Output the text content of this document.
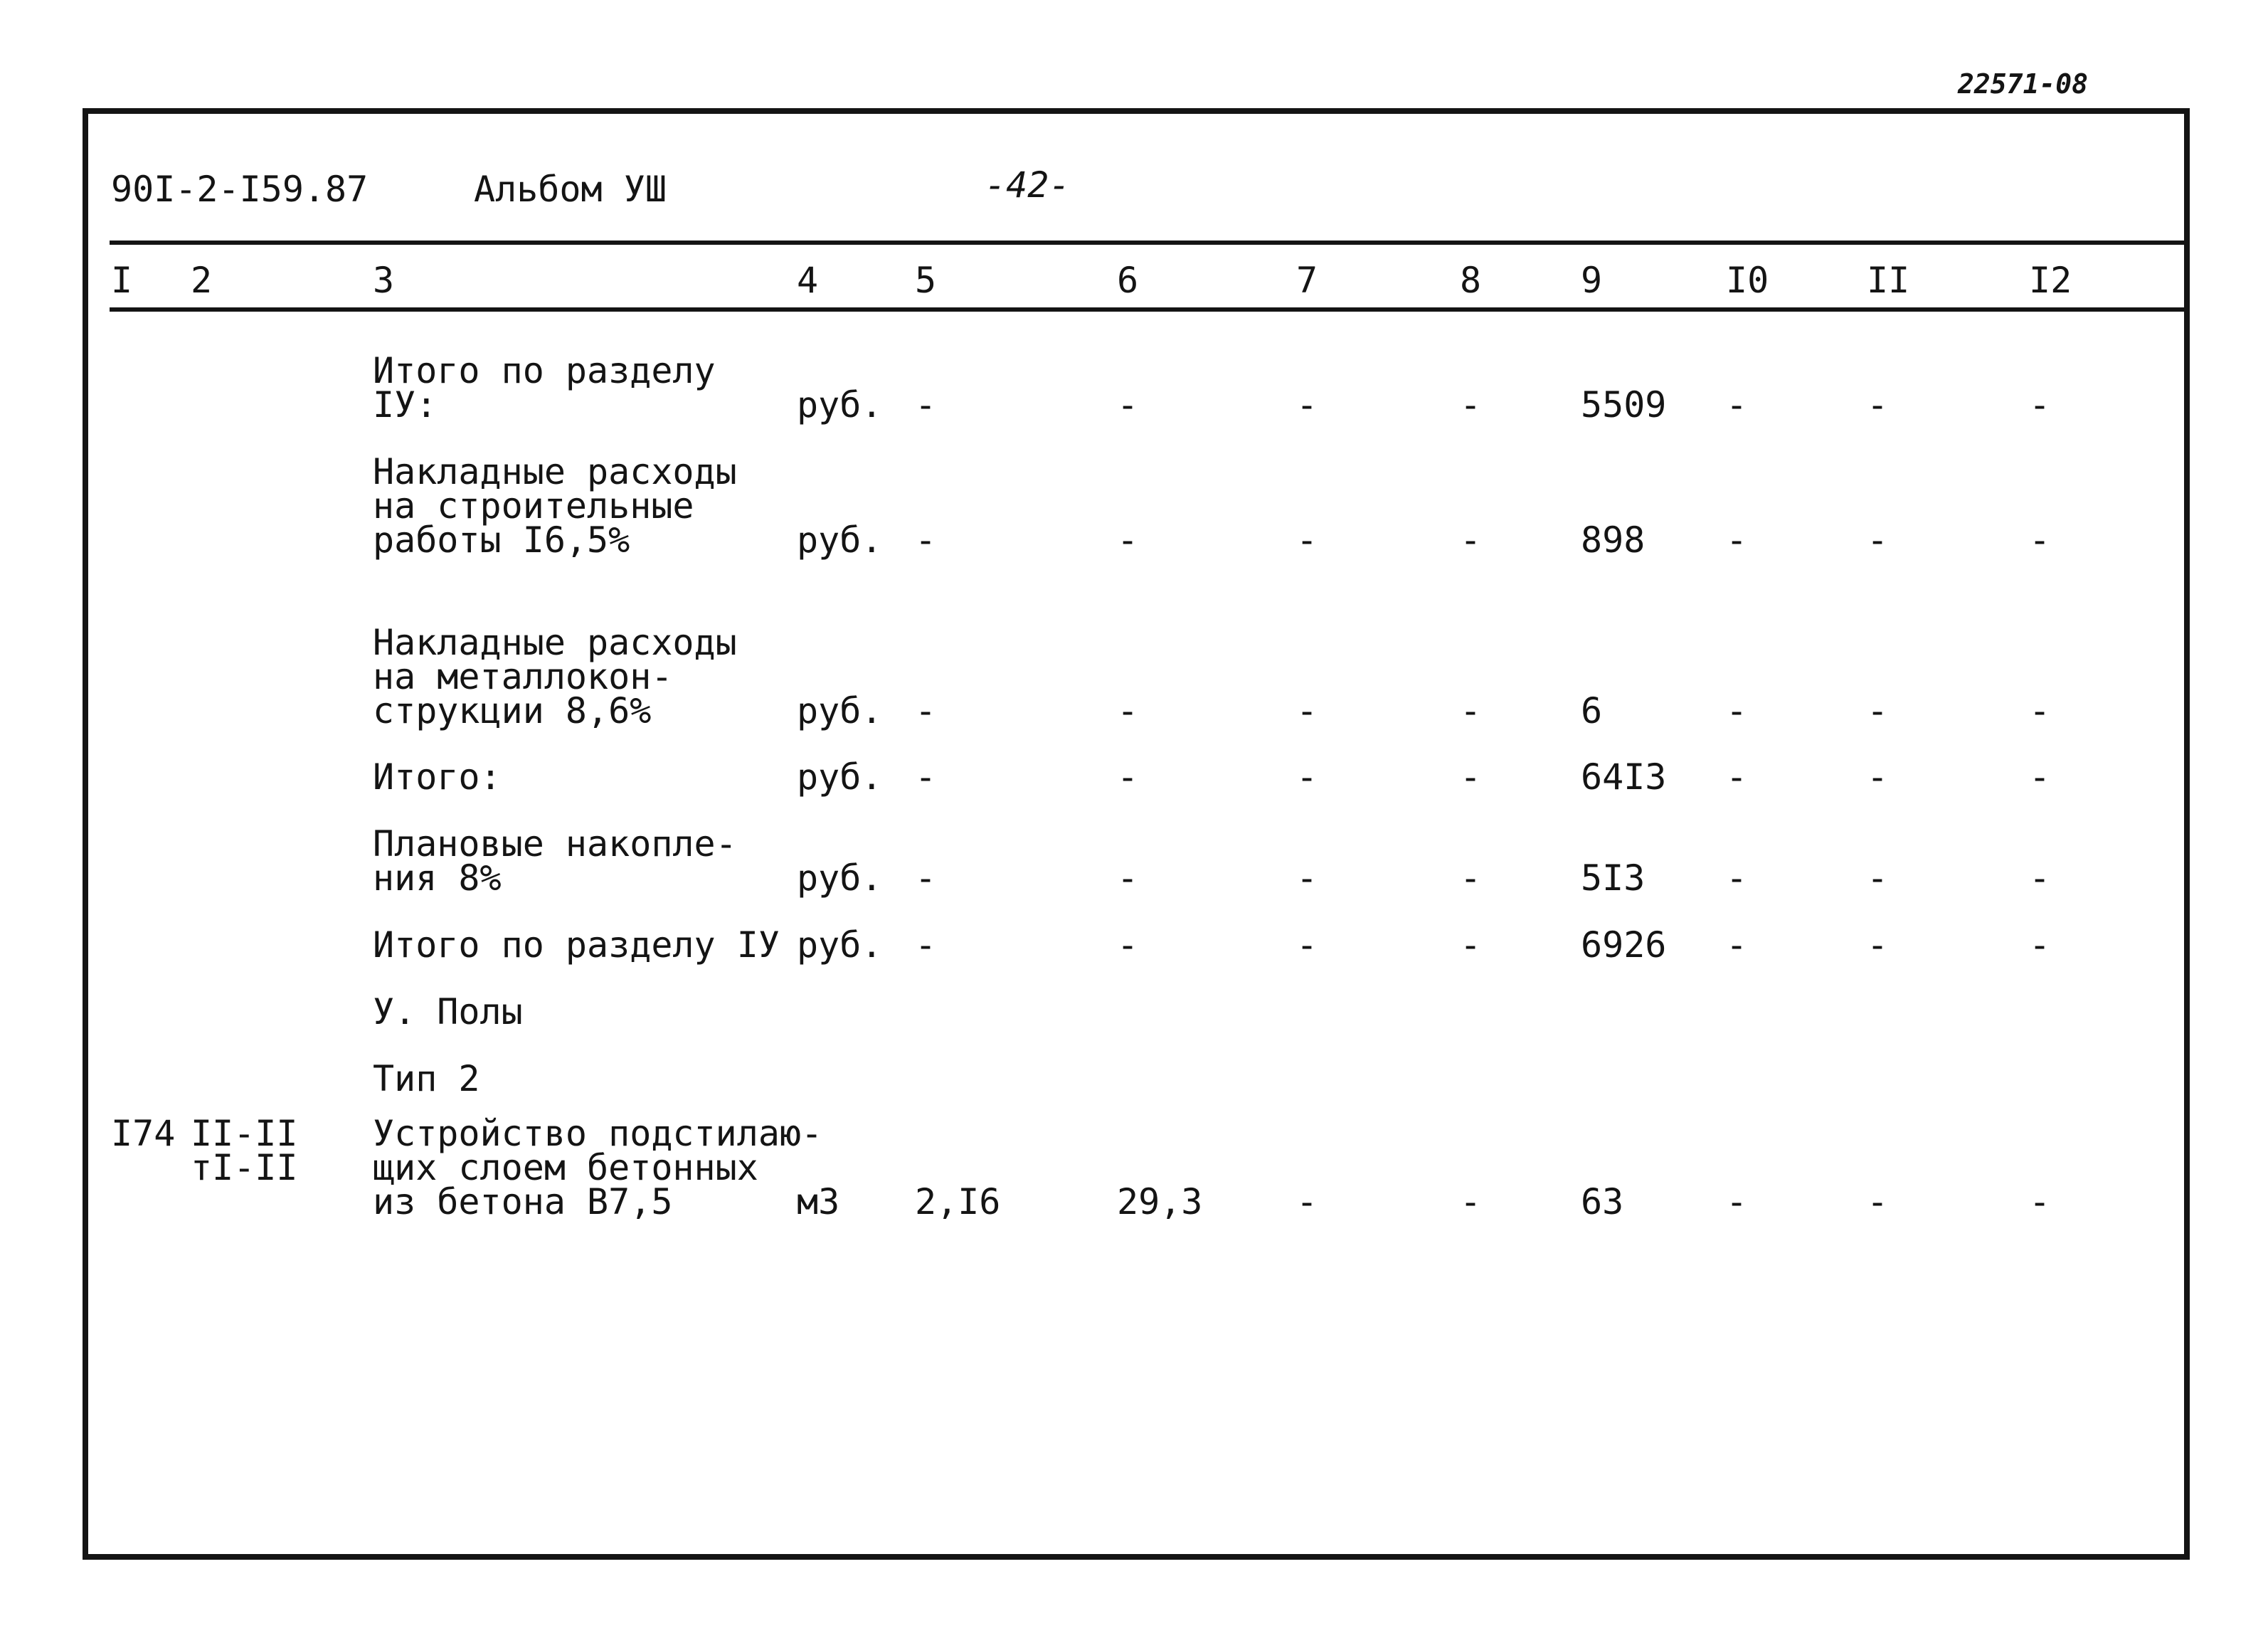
22571-08
90I-2-I59.87	Альбом УШ	-42-
I 2	3	4	5	6	7	8	9	I0	II	I2
Итого по разделу
IУ:	руб. -	-	-	-	5509 -	-	-
Накладные расходы
на строительные
работы I6,5%	руб. -	-	-	-	898 -	-	-
Накладные расходы
на металлокон-
струкции 8,6%	руб. -	-	-	-	6	-	-	-
Итого:	руб. -	-	-	-	64I3 -	-	-
Плановые накопле-
ния 8%	руб. -	-	-	-	5I3 -	-	-
Итого по разделу IУ руб. -	-	-	-	6926 -	-	-
У. Полы
Тип 2
I74 II-II
тI-II
Устройство подстилаю-
щих слоем бетонных
из бетона В7,5	м3 2,I6	29,3	-	-	63	-	-	-
